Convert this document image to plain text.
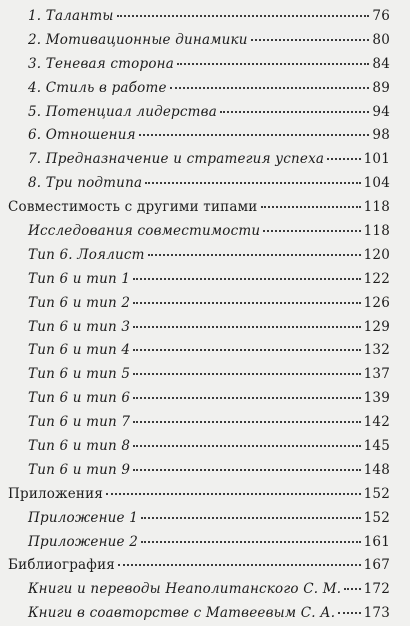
1. Таланты	76
2. Мотивационные динамики	80
3. Теневая сторона	84
4. Стиль в работе	89
5. Потенциал лидерства	94
6. Отношения	98
7. Предназначение и стратегия успеха	101
8. Три подтипа	104
Совместимость с другими типами	118
Исследования совместимости	118
Тип 6. Лоялист	120
Тип 6 и тип 1	122
Тип 6 и тип 2	126
Тип 6 и тип 3	129
Тип 6 и тип 4	132
Тип 6 и тип 5	137
Тип 6 и тип 6	139
Тип 6 и тип 7	142
Тип 6 и тип 8	145
Тип 6 и тип 9	148
Приложения	152
Приложение 1	152
Приложение 2	161
Библиография	167
Книги и переводы Неаполитанского С. М. 172
Книги в соавторстве с Матвеевым С. А. 173
